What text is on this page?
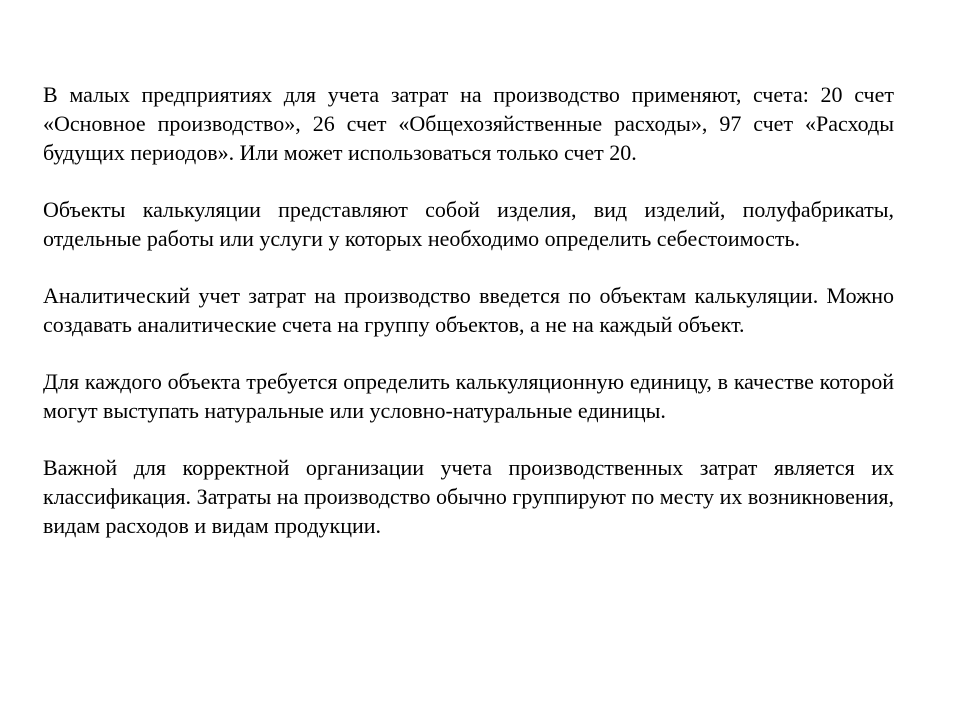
В малых предприятиях для учета затрат на производство применяют, счета: 20 счет «Основное производство», 26 счет «Общехозяйственные расходы», 97 счет «Расходы будущих периодов». Или может использоваться только счет 20.

Объекты калькуляции представляют собой изделия, вид изделий, полуфабрикаты, отдельные работы или услуги у которых необходимо определить себестоимость.

Аналитический учет затрат на производство введется по объектам калькуляции. Можно создавать аналитические счета на группу объектов, а не на каждый объект.

Для каждого объекта требуется определить калькуляционную единицу, в качестве которой могут выступать натуральные или условно-натуральные единицы.

Важной для корректной организации учета производственных затрат является их классификация. Затраты на производство обычно группируют по месту их возникновения, видам расходов и видам продукции.
